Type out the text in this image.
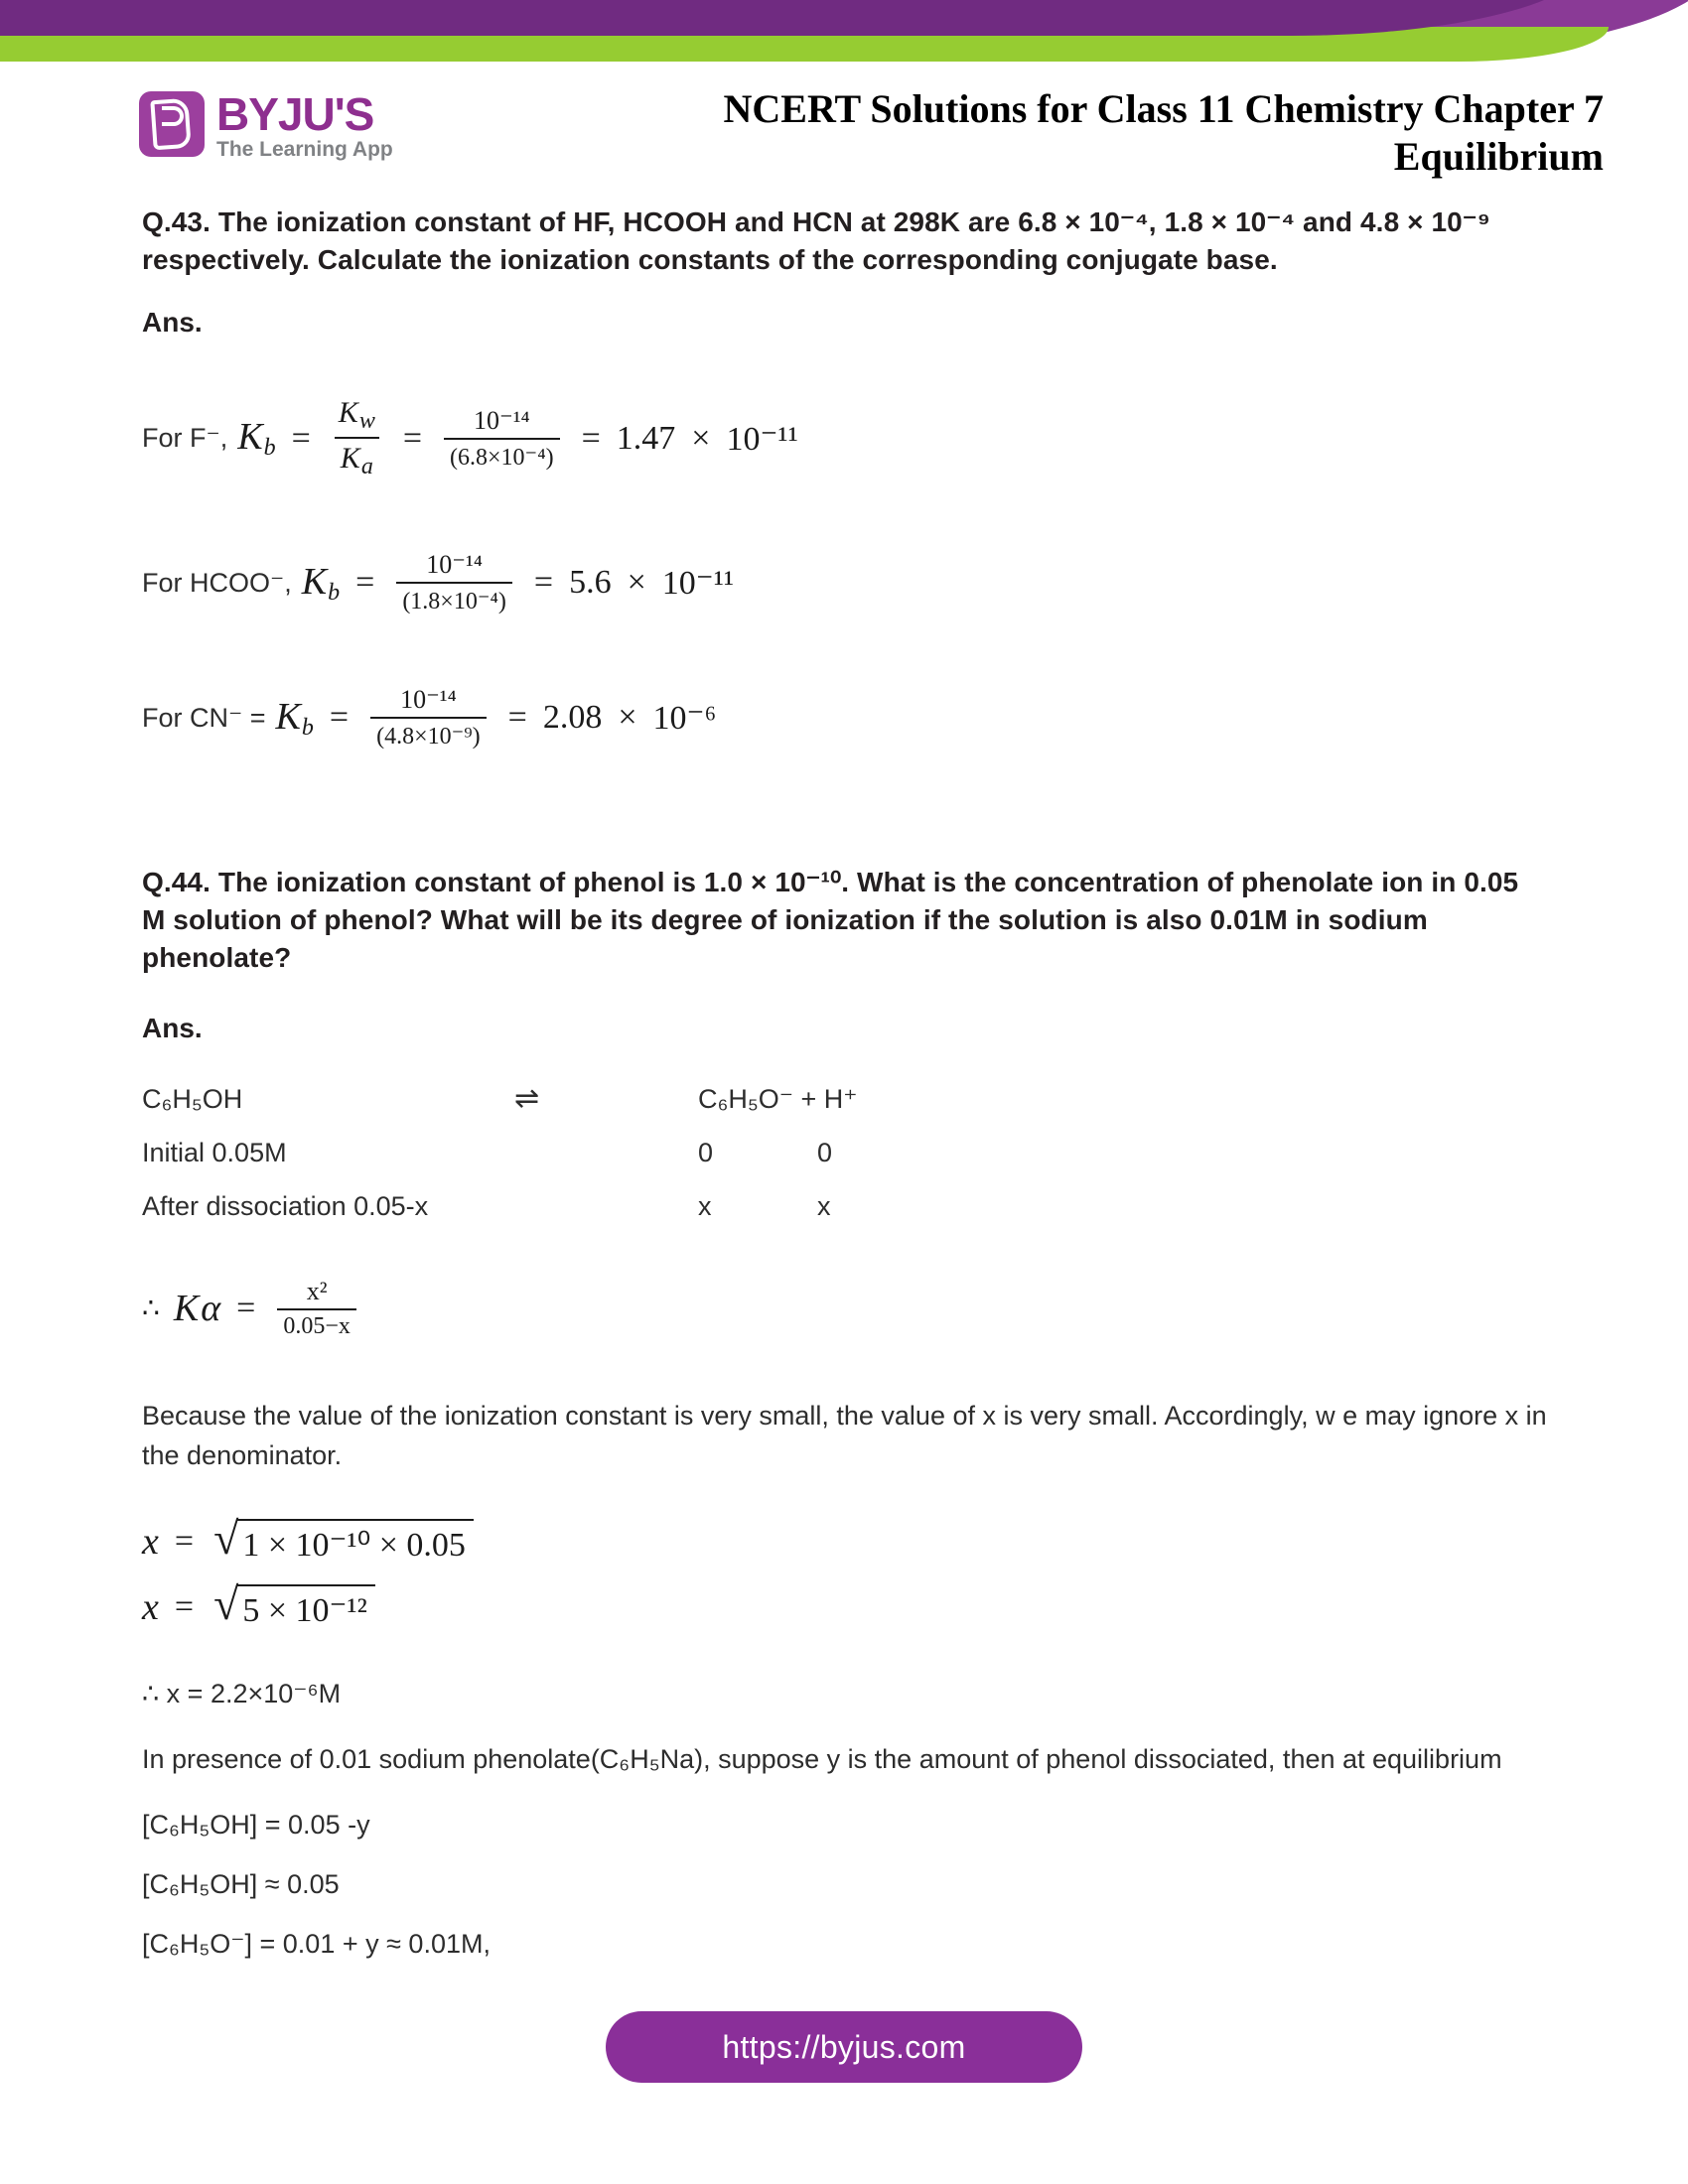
BYJU'S
The Learning App
NCERT Solutions for Class 11 Chemistry Chapter 7
Equilibrium
Q.43. The ionization constant of HF, HCOOH and HCN at 298K are 6.8 × 10⁻⁴, 1.8 × 10⁻⁴ and 4.8 × 10⁻⁹ respectively. Calculate the ionization constants of the corresponding conjugate base.
Ans.
For F⁻, $Kb = \frac{K_w}{K_a} = \frac{\text{10⁻¹⁴}}{\text{(6.8×10⁻⁴)}} = 1.47 \times 10^{-11}$
For HCOO⁻, $Kb = \frac{\text{10⁻¹⁴}}{\text{(1.8×10⁻⁴)}} = 5.6 \times 10^{-11}$
For $CN^- = Kb = \frac{\text{10⁻¹⁴}}{\text{(4.8×10⁻⁹)}} = 2.08 \times 10^{-6}$
Q.44. The ionization constant of phenol is 1.0 × 10⁻¹⁰. What is the concentration of phenolate ion in 0.05 M solution of phenol? What will be its degree of ionization if the solution is also 0.01M in sodium phenolate?
Ans.
C₆H₅OH	⇌	C₆H₅O⁻ + H⁺
Initial 0.05M	0	0
After dissociation 0.05-x	x	x
∴ K $\alpha = \frac{\text{x²}}{0.05-x}$
Because the value of the ionization constant is very small, the value of x is very small. Accordingly, w e may ignore x in the denominator.
x = √ 1 × 10⁻¹⁰ × 0.05
x = √ 5 × 10⁻¹²
∴ x = 2.2×10⁻⁶M
In presence of 0.01 sodium phenolate(C₆H₅Na), suppose y is the amount of phenol dissociated, then at equilibrium
[C₆H₅OH] = 0.05 -y
[C₆H₅OH] ≈ 0.05
[C₆H₅O⁻] = 0.01 + y ≈ 0.01M,
https://byjus.com
